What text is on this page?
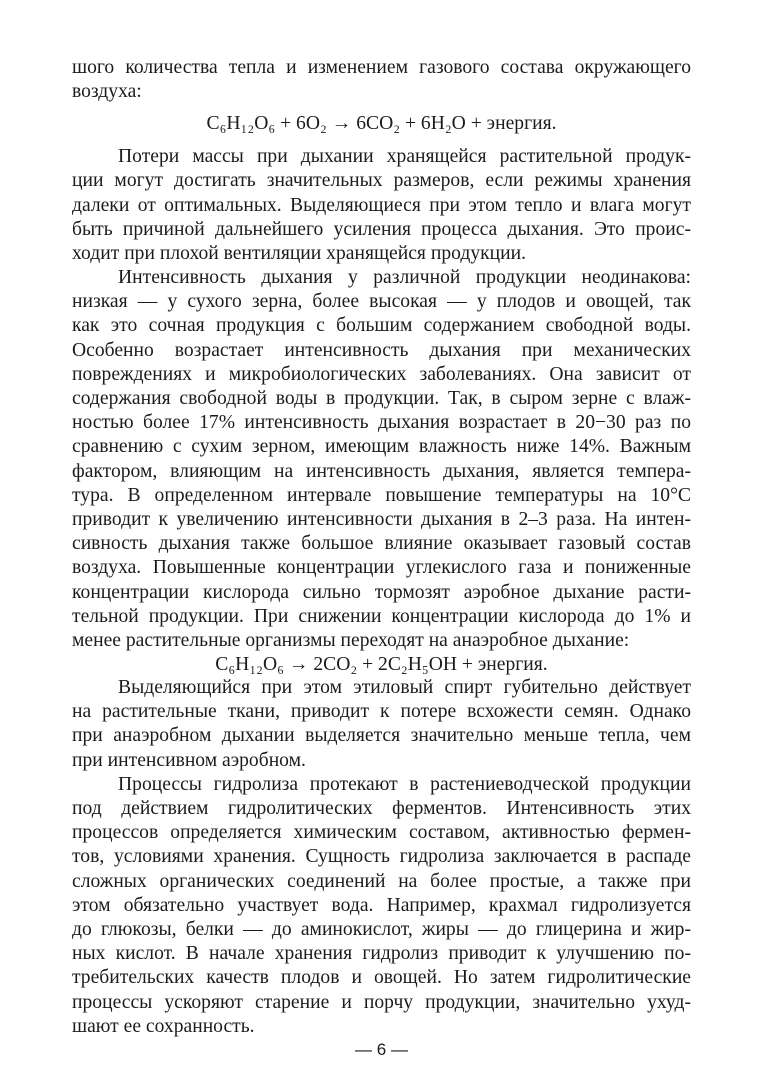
шого количества тепла и изменением газового состава окружающего
воздуха:
C₆H₁₂O₆ + 6O₂ → 6CO₂ + 6H₂O + энергия.
Потери массы при дыхании хранящейся растительной продук-
ции могут достигать значительных размеров, если режимы хранения
далеки от оптимальных. Выделяющиеся при этом тепло и влага могут
быть причиной дальнейшего усиления процесса дыхания. Это проис-
ходит при плохой вентиляции хранящейся продукции.
Интенсивность дыхания у различной продукции неодинакова:
низкая — у сухого зерна, более высокая — у плодов и овощей, так
как это сочная продукция с большим содержанием свободной воды.
Особенно возрастает интенсивность дыхания при механических
повреждениях и микробиологических заболеваниях. Она зависит от
содержания свободной воды в продукции. Так, в сыром зерне с влаж-
ностью более 17% интенсивность дыхания возрастает в 20−30 раз по
сравнению с сухим зерном, имеющим влажность ниже 14%. Важным
фактором, влияющим на интенсивность дыхания, является темпера-
тура. В определенном интервале повышение температуры на 10°C
приводит к увеличению интенсивности дыхания в 2–3 раза. На интен-
сивность дыхания также большое влияние оказывает газовый состав
воздуха. Повышенные концентрации углекислого газа и пониженные
концентрации кислорода сильно тормозят аэробное дыхание расти-
тельной продукции. При снижении концентрации кислорода до 1% и
менее растительные организмы переходят на анаэробное дыхание:
C₆H₁₂O₆ → 2CO₂ + 2C₂H₅OH + энергия.
Выделяющийся при этом этиловый спирт губительно действует
на растительные ткани, приводит к потере всхожести семян. Однако
при анаэробном дыхании выделяется значительно меньше тепла, чем
при интенсивном аэробном.
Процессы гидролиза протекают в растениеводческой продукции
под действием гидролитических ферментов. Интенсивность этих
процессов определяется химическим составом, активностью фермен-
тов, условиями хранения. Сущность гидролиза заключается в распаде
сложных органических соединений на более простые, а также при
этом обязательно участвует вода. Например, крахмал гидролизуется
до глюкозы, белки — до аминокислот, жиры — до глицерина и жир-
ных кислот. В начале хранения гидролиз приводит к улучшению по-
требительских качеств плодов и овощей. Но затем гидролитические
процессы ускоряют старение и порчу продукции, значительно ухуд-
шают ее сохранность.
— 6 —
